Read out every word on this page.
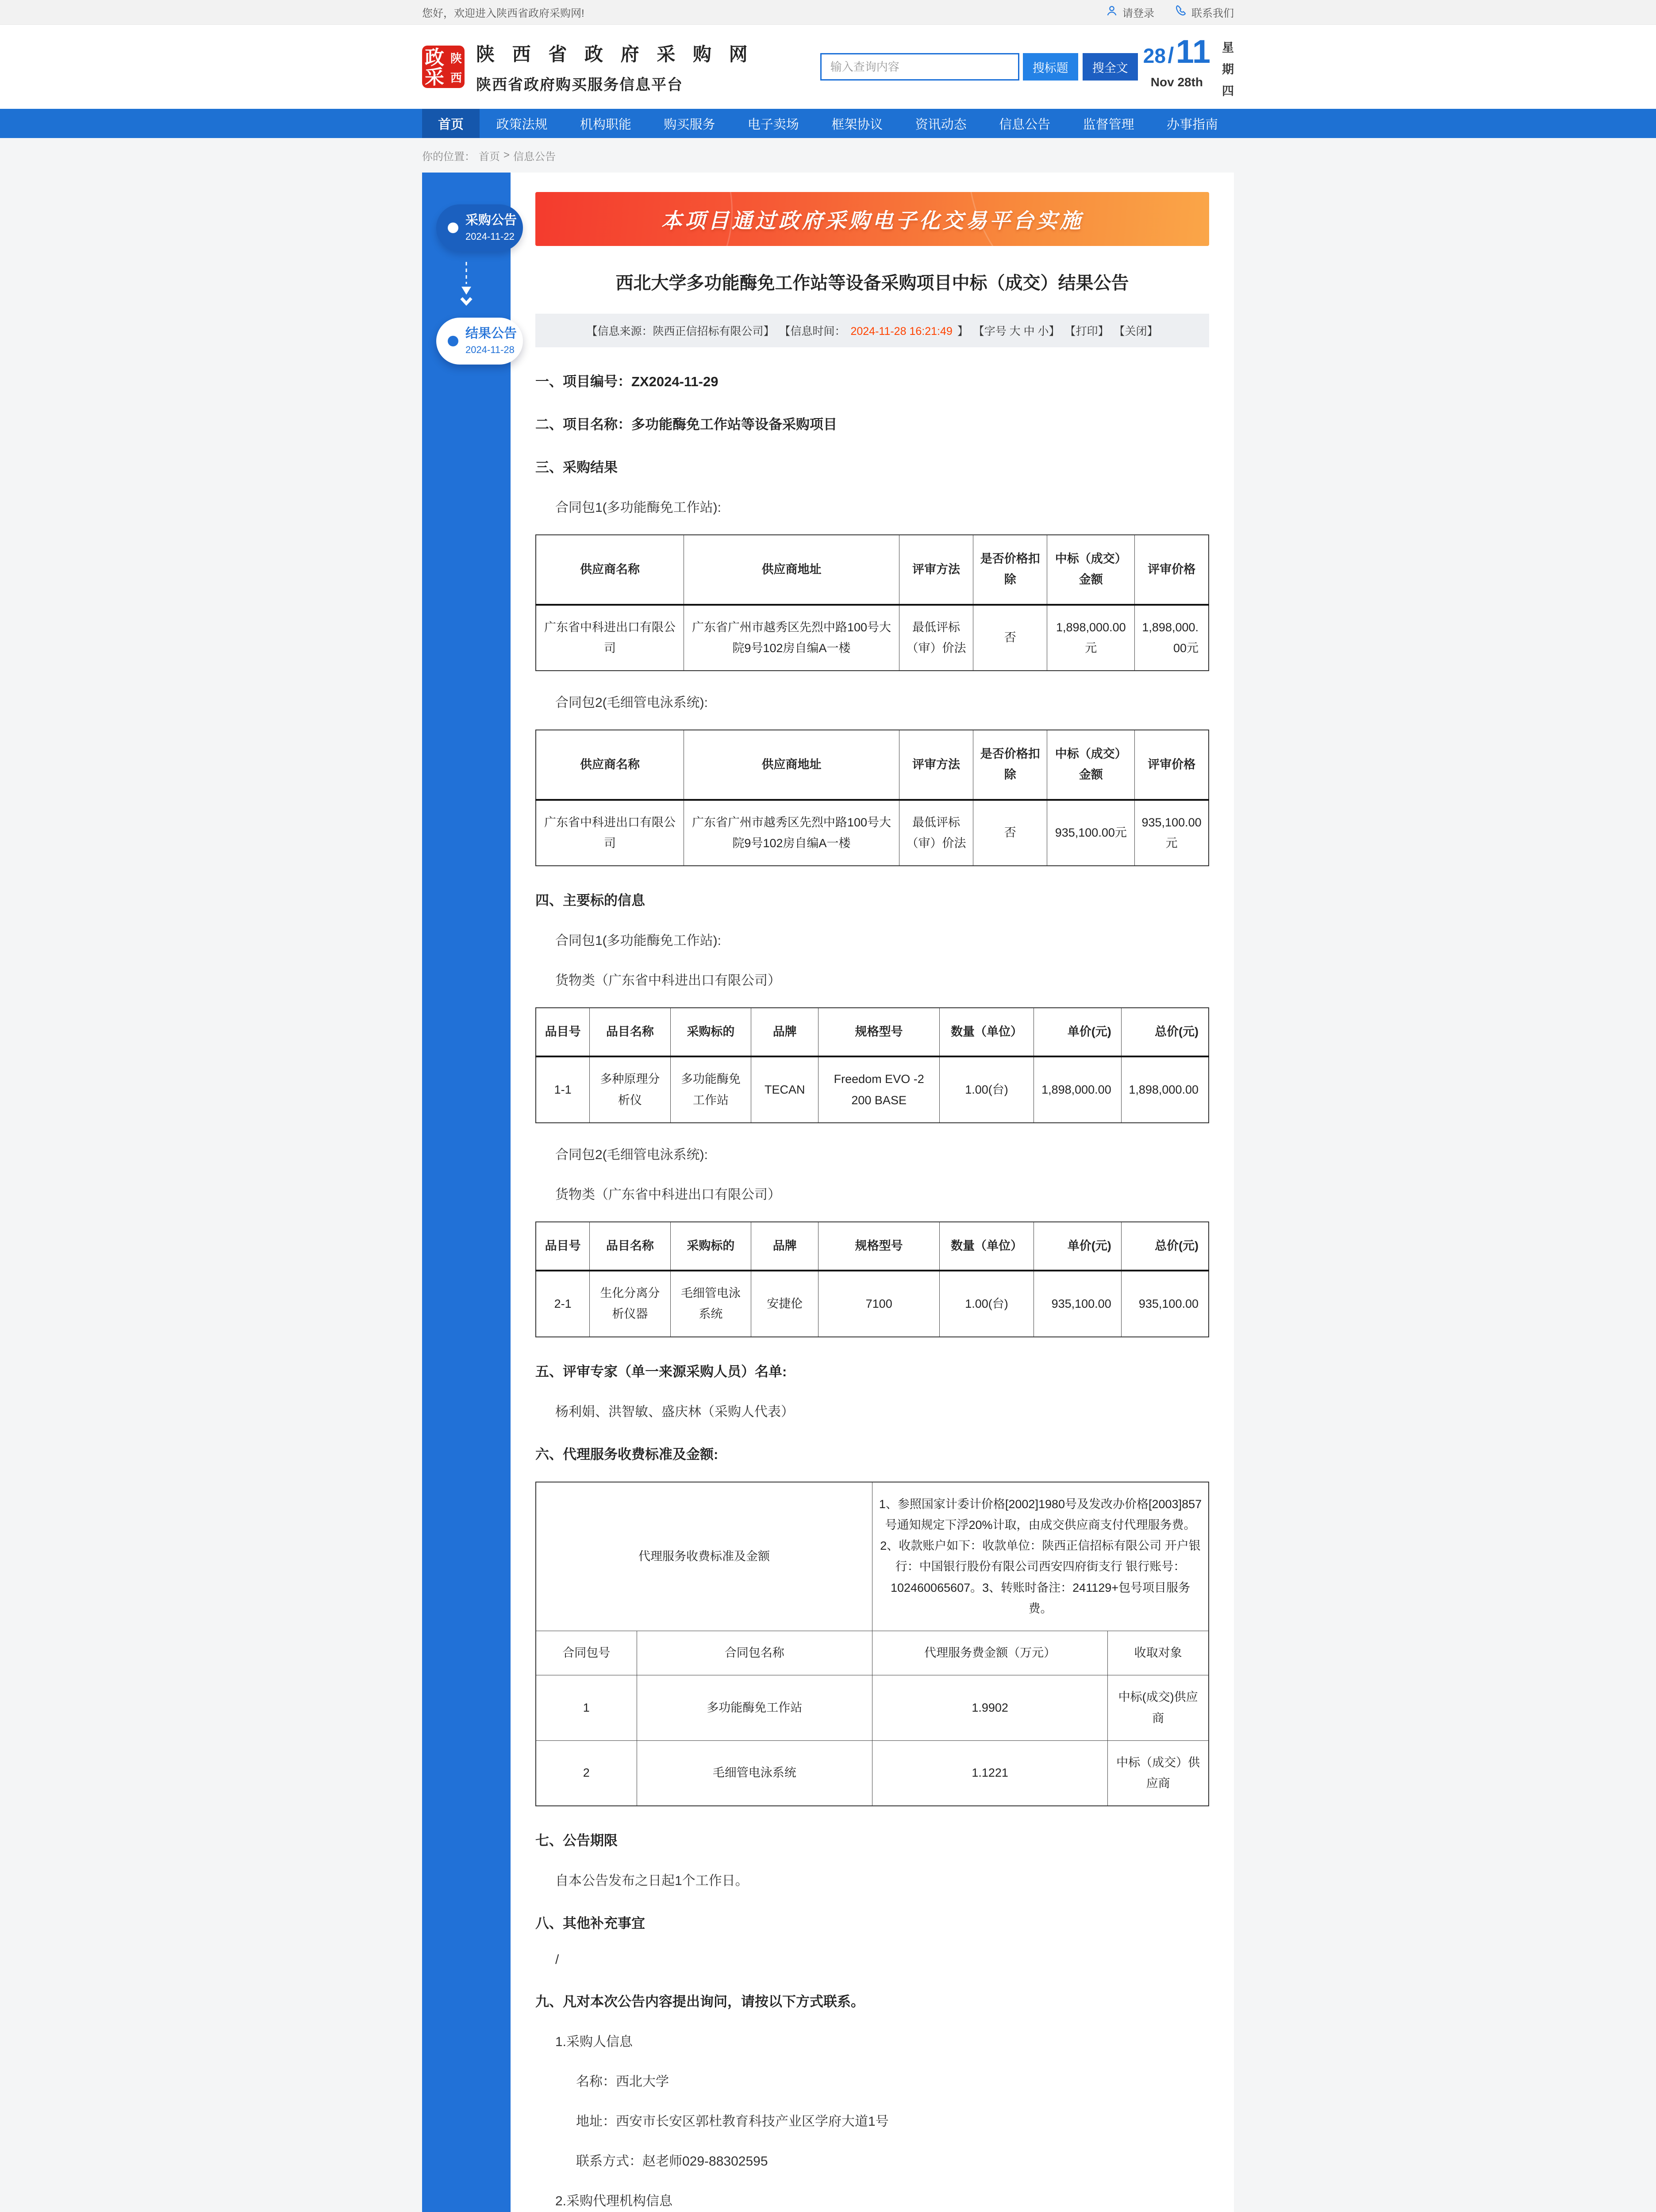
您好，欢迎进入陕西省政府采购网!	请登录	联系我们
政 陕
采 西
陕 西 省 政 府 采 购 网
陕西省政府购买服务信息平台
输入查询内容
搜标题	搜全文
28 / 11
Nov 28th
星
期
四
首页	政策法规	机构职能	购买服务	电子卖场	框架协议	资讯动态	信息公告	监督管理	办事指南
你的位置： 首页 > 信息公告
采购公告
2024-11-22
结果公告
2024-11-28
本项目通过政府采购电子化交易平台实施
西北大学多功能酶免工作站等设备采购项目中标（成交）结果公告
【信息来源：陕西正信招标有限公司】 【信息时间： 2024-11-28 16:21:49 】 【字号 大 中 小】 【打印】 【关闭】
一、项目编号：ZX2024-11-29
二、项目名称：多功能酶免工作站等设备采购项目
三、采购结果
合同包1(多功能酶免工作站):
供应商名称	供应商地址	评审方法	是否价格扣除	中标（成交）金额	评审价格
广东省中科进出口有限公司	广东省广州市越秀区先烈中路100号大院9号102房自编A一楼	最低评标（审）价法	否	1,898,000.00元	1,898,000.00元
合同包2(毛细管电泳系统):
供应商名称	供应商地址	评审方法	是否价格扣除	中标（成交）金额	评审价格
广东省中科进出口有限公司	广东省广州市越秀区先烈中路100号大院9号102房自编A一楼	最低评标（审）价法	否	935,100.00元	935,100.00元
四、主要标的信息
合同包1(多功能酶免工作站):
货物类（广东省中科进出口有限公司）
品目号	品目名称	采购标的	品牌	规格型号	数量（单位）	单价(元)	总价(元)
1-1	多种原理分析仪	多功能酶免工作站	TECAN	Freedom EVO -2 200 BASE	1.00(台)	1,898,000.00	1,898,000.00
合同包2(毛细管电泳系统):
货物类（广东省中科进出口有限公司）
品目号	品目名称	采购标的	品牌	规格型号	数量（单位）	单价(元)	总价(元)
2-1	生化分离分析仪器	毛细管电泳系统	安捷伦	7100	1.00(台)	935,100.00	935,100.00
五、评审专家（单一来源采购人员）名单:
杨利娟、洪智敏、盛庆林（采购人代表）
六、代理服务收费标准及金额:
代理服务收费标准及金额		1、参照国家计委计价格[2002]1980号及发改办价格[2003]857号通知规定下浮20%计取，由成交供应商支付代理服务费。2、收款账户如下：收款单位：陕西正信招标有限公司 开户银行：中国银行股份有限公司西安四府街支行 银行账号：102460065607。3、转账时备注：241129+包号项目服务费。	
合同包号	合同包名称	代理服务费金额（万元）	收取对象
1	多功能酶免工作站	1.9902	中标(成交)供应商
2	毛细管电泳系统	1.1221	中标（成交）供应商
七、公告期限
自本公告发布之日起1个工作日。
八、其他补充事宜
/
九、凡对本次公告内容提出询问，请按以下方式联系。
1.采购人信息
名称：西北大学
地址：西安市长安区郭杜教育科技产业区学府大道1号
联系方式：赵老师029-88302595
2.采购代理机构信息
